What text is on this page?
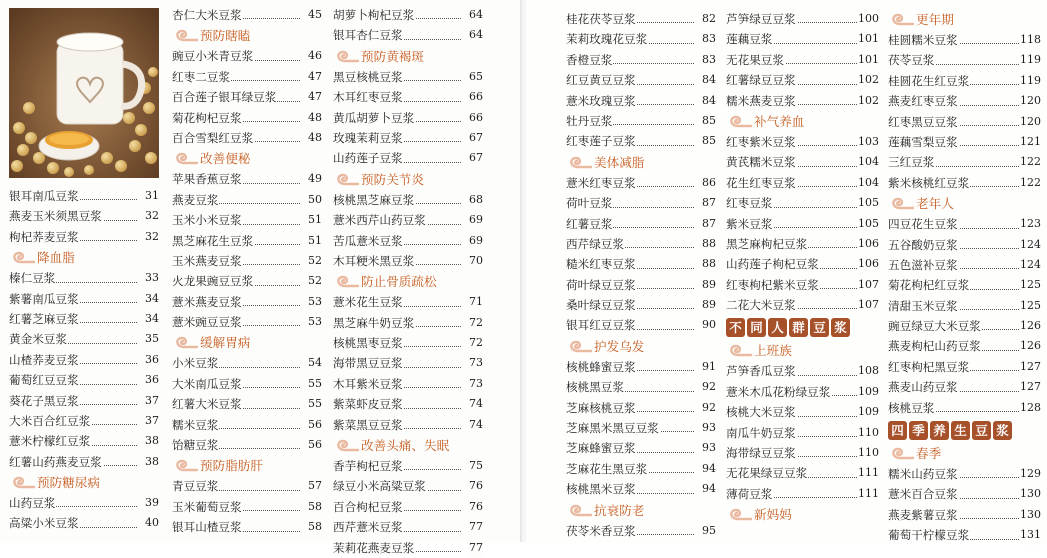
银耳南瓜豆浆	31
燕麦玉米须黑豆浆	32
枸杞荞麦豆浆	32
降血脂
榛仁豆浆	33
紫薯南瓜豆浆	34
红薯芝麻豆浆	34
黄金米豆浆	35
山楂荞麦豆浆	36
葡萄红豆豆浆	36
葵花子黑豆浆	37
大米百合红豆浆	37
薏米柠檬红豆浆	38
红薯山药燕麦豆浆	38
预防糖尿病
山药豆浆	39
高粱小米豆浆	40
杏仁大米豆浆	45
预防瞎瞌
豌豆小米青豆浆	46
红枣二豆浆	47
百合莲子银耳绿豆浆	47
菊花枸杞豆浆	48
百合雪梨红豆浆	48
改善便秘
苹果香蕉豆浆	49
燕麦豆浆	50
玉米小米豆浆	51
黑芝麻花生豆浆	51
玉米燕麦豆浆	52
火龙果豌豆豆浆	52
薏米燕麦豆浆	53
薏米豌豆豆浆	53
缓解胃病
小米豆浆	54
大米南瓜豆浆	55
红薯大米豆浆	55
糯米豆浆	56
饴糖豆浆	56
预防脂肪肝
青豆豆浆	57
玉米葡萄豆浆	58
银耳山楂豆浆	58
胡萝卜枸杞豆浆	64
银耳杏仁豆浆	64
预防黄褐斑
黑豆核桃豆浆	65
木耳红枣豆浆	66
黄瓜胡萝卜豆浆	66
玫瑰茉莉豆浆	67
山药莲子豆浆	67
预防关节炎
核桃黑芝麻豆浆	68
薏米西芹山药豆浆	69
苦瓜薏米豆浆	69
木耳粳米黑豆浆	70
防止骨质疏松
薏米花生豆浆	71
黑芝麻牛奶豆浆	72
核桃黑枣豆浆	72
海带黑豆豆浆	73
木耳紫米豆浆	73
紫菜虾皮豆浆	74
紫菜黑豆豆浆	74
改善头痛、失眠
香芋枸杞豆浆	75
绿豆小米高粱豆浆	76
百合枸杞豆浆	76
西芹薏米豆浆	77
茉莉花燕麦豆浆	77
桂花茯苓豆浆	82
茉莉玫瑰花豆浆	83
香橙豆浆	83
红豆黄豆豆浆	84
薏米玫瑰豆浆	84
牡丹豆浆	85
红枣莲子豆浆	85
美体减脂
薏米红枣豆浆	86
荷叶豆浆	87
红薯豆浆	87
西芹绿豆浆	88
糙米红枣豆浆	88
荷叶绿豆豆浆	89
桑叶绿豆豆浆	89
银耳红豆豆浆	90
护发乌发
核桃蜂蜜豆浆	91
核桃黑豆浆	92
芝麻核桃豆浆	92
芝麻黑米黑豆豆浆	93
芝麻蜂蜜豆浆	93
芝麻花生黑豆浆	94
核桃黑米豆浆	94
抗衰防老
茯苓米香豆浆	95
芦笋绿豆豆浆	100
莲藕豆浆	101
无花果豆浆	101
红薯绿豆豆浆	102
糯米燕麦豆浆	102
补气养血
红枣紫米豆浆	103
黄芪糯米豆浆	104
花生红枣豆浆	104
红枣豆浆	105
紫米豆浆	105
黑芝麻枸杞豆浆	106
山药莲子枸杞豆浆	106
红枣枸杞紫米豆浆	107
二花大米豆浆	107
不 同 人 群 豆 浆
上班族
芦笋香瓜豆浆	108
薏米木瓜花粉绿豆浆	109
核桃大米豆浆	109
南瓜牛奶豆浆	110
海带绿豆豆浆	110
无花果绿豆豆浆	111
薄荷豆浆	111
新妈妈
更年期
桂圆糯米豆浆	118
茯苓豆浆	119
桂圆花生红豆浆	119
燕麦红枣豆浆	120
红枣黑豆豆浆	120
莲藕雪梨豆浆	121
三红豆浆	122
紫米核桃红豆浆	122
老年人
四豆花生豆浆	123
五谷酸奶豆浆	124
五色滋补豆浆	124
菊花枸杞红豆浆	125
清甜玉米豆浆	125
豌豆绿豆大米豆浆	126
燕麦枸杞山药豆浆	126
红枣枸杞黑豆浆	127
燕麦山药豆浆	127
核桃豆浆	128
四 季 养 生 豆 浆
春季
糯米山药豆浆	129
薏米百合豆浆	130
燕麦紫薯豆浆	130
葡萄干柠檬豆浆	131
